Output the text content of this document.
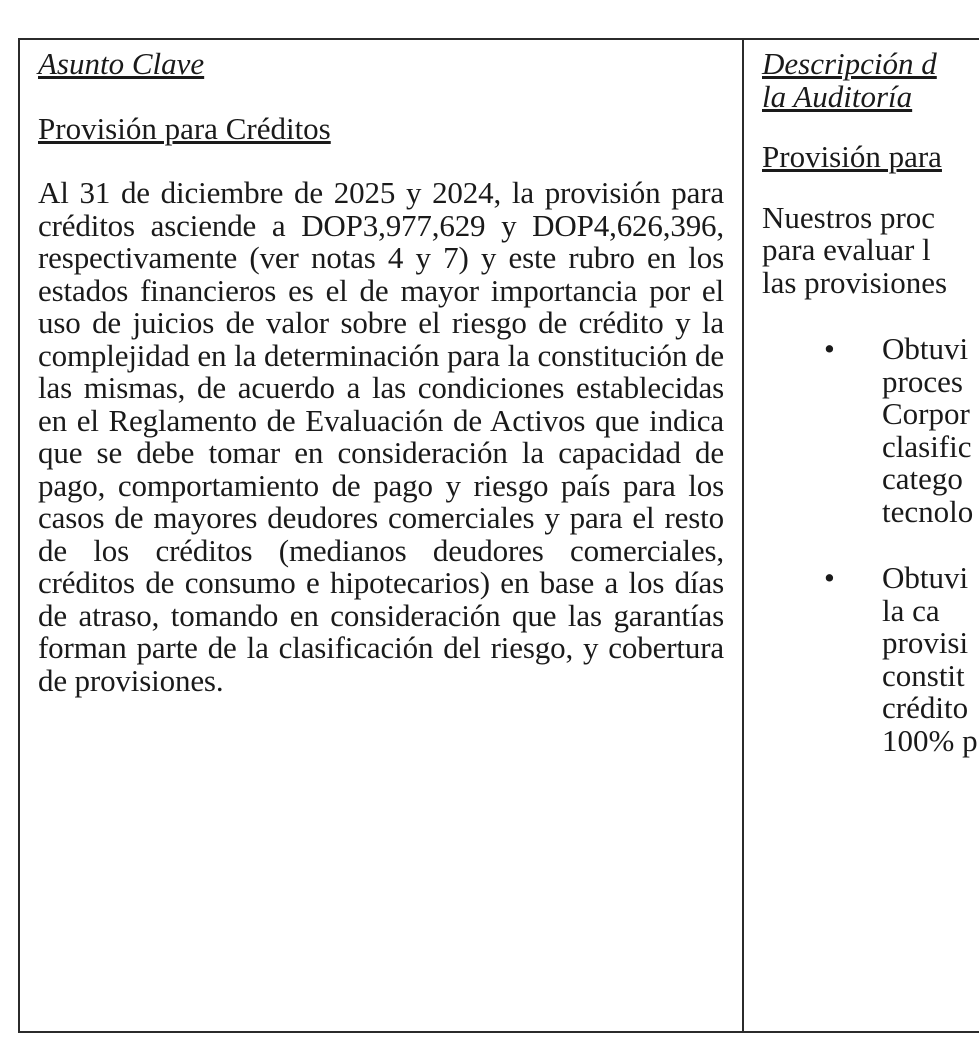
Asunto Clave
Provisión para Créditos

Al 31 de diciembre de 2025 y 2024, la provisión para créditos asciende a DOP3,977,629 y DOP4,626,396, respectivamente (ver notas 4 y 7) y este rubro en los estados financieros es el de mayor importancia por el uso de juicios de valor sobre el riesgo de crédito y la complejidad en la determinación para la constitución de las mismas, de acuerdo a las condiciones establecidas en el Reglamento de Evaluación de Activos que indica que se debe tomar en consideración la capacidad de pago, comportamiento de pago y riesgo país para los casos de mayores deudores comerciales y para el resto de los créditos (medianos deudores comerciales, créditos de consumo e hipotecarios) en base a los días de atraso, tomando en consideración que las garantías forman parte de la clasificación del riesgo, y cobertura de provisiones.

Descripción d
la Auditoría
Provisión para
Nuestros proc
para evaluar l
las provisiones
• Obtuvi
proces
Corpor
clasific
catego
tecnolo
• Obtuvi
la ca
provisi
constit
crédito
100% p
